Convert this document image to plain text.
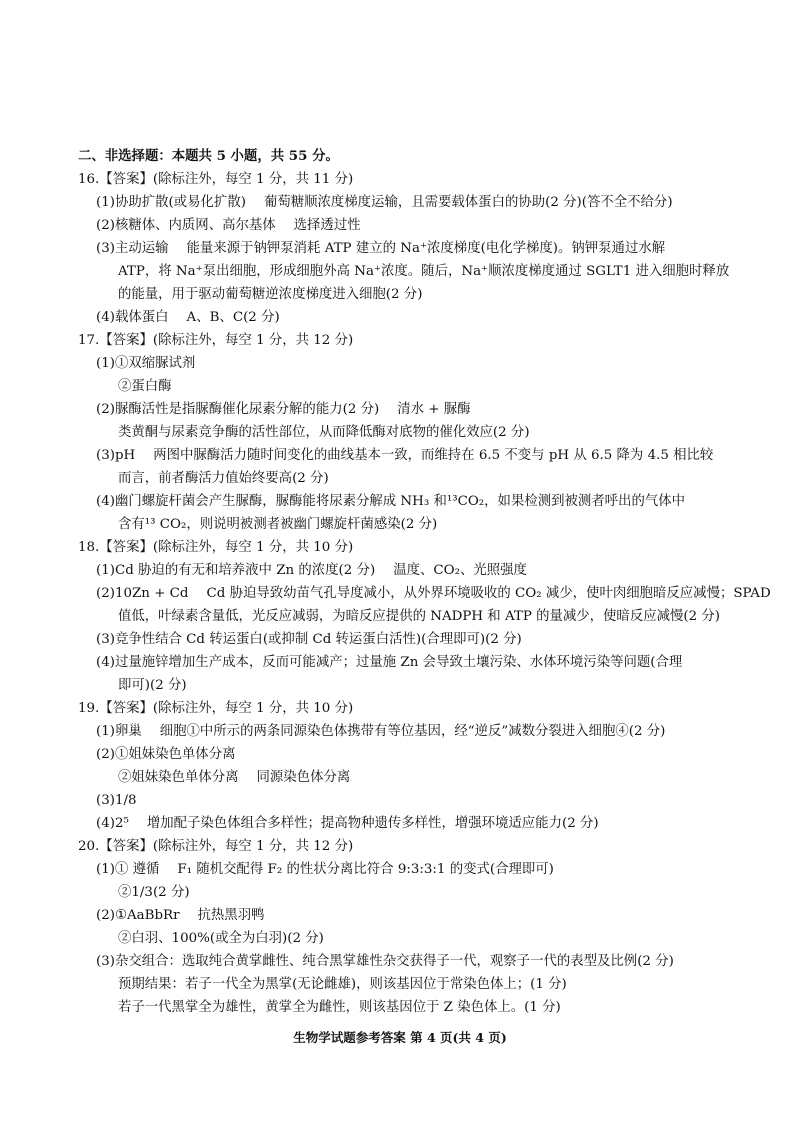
二、非选择题：本题共 5 小题，共 55 分。
16.【答案】(除标注外，每空 1 分，共 11 分)
(1)协助扩散(或易化扩散) 葡萄糖顺浓度梯度运输，且需要载体蛋白的协助(2 分)(答不全不给分)
(2)核糖体、内质网、高尔基体 选择透过性
(3)主动运输 能量来源于钠钾泵消耗 ATP 建立的 Na⁺浓度梯度(电化学梯度)。钠钾泵通过水解
ATP，将 Na⁺泵出细胞，形成细胞外高 Na⁺浓度。随后，Na⁺顺浓度梯度通过 SGLT1 进入细胞时释放
的能量，用于驱动葡萄糖逆浓度梯度进入细胞(2 分)
(4)载体蛋白 A、B、C(2 分)
17.【答案】(除标注外，每空 1 分，共 12 分)
(1)①双缩脲试剂
②蛋白酶
(2)脲酶活性是指脲酶催化尿素分解的能力(2 分) 清水 + 脲酶
类黄酮与尿素竞争酶的活性部位，从而降低酶对底物的催化效应(2 分)
(3)pH 两图中脲酶活力随时间变化的曲线基本一致，而维持在 6.5 不变与 pH 从 6.5 降为 4.5 相比较
而言，前者酶活力值始终要高(2 分)
(4)幽门螺旋杆菌会产生脲酶，脲酶能将尿素分解成 NH₃ 和¹³CO₂，如果检测到被测者呼出的气体中
含有¹³ CO₂，则说明被测者被幽门螺旋杆菌感染(2 分)
18.【答案】(除标注外，每空 1 分，共 10 分)
(1)Cd 胁迫的有无和培养液中 Zn 的浓度(2 分) 温度、CO₂、光照强度
(2)10Zn + Cd Cd 胁迫导致幼苗气孔导度减小，从外界环境吸收的 CO₂ 减少，使叶肉细胞暗反应减慢；SPAD
值低，叶绿素含量低，光反应减弱，为暗反应提供的 NADPH 和 ATP 的量减少，使暗反应减慢(2 分)
(3)竞争性结合 Cd 转运蛋白(或抑制 Cd 转运蛋白活性)(合理即可)(2 分)
(4)过量施锌增加生产成本，反而可能减产；过量施 Zn 会导致土壤污染、水体环境污染等问题(合理
即可)(2 分)
19.【答案】(除标注外，每空 1 分，共 10 分)
(1)卵巢 细胞①中所示的两条同源染色体携带有等位基因，经“逆反”减数分裂进入细胞④(2 分)
(2)①姐妹染色单体分离
②姐妹染色单体分离 同源染色体分离
(3)1/8
(4)2⁵ 增加配子染色体组合多样性；提高物种遗传多样性，增强环境适应能力(2 分)
20.【答案】(除标注外，每空 1 分，共 12 分)
(1)① 遵循 F₁ 随机交配得 F₂ 的性状分离比符合 9:3:3:1 的变式(合理即可)
②1/3(2 分)
(2)①AaBbRr 抗热黑羽鸭
②白羽、100%(或全为白羽)(2 分)
(3)杂交组合：选取纯合黄掌雌性、纯合黑掌雄性杂交获得子一代，观察子一代的表型及比例(2 分)
预期结果：若子一代全为黑掌(无论雌雄)，则该基因位于常染色体上；(1 分)
若子一代黑掌全为雄性，黄掌全为雌性，则该基因位于 Z 染色体上。(1 分)
生物学试题参考答案 第 4 页(共 4 页)
